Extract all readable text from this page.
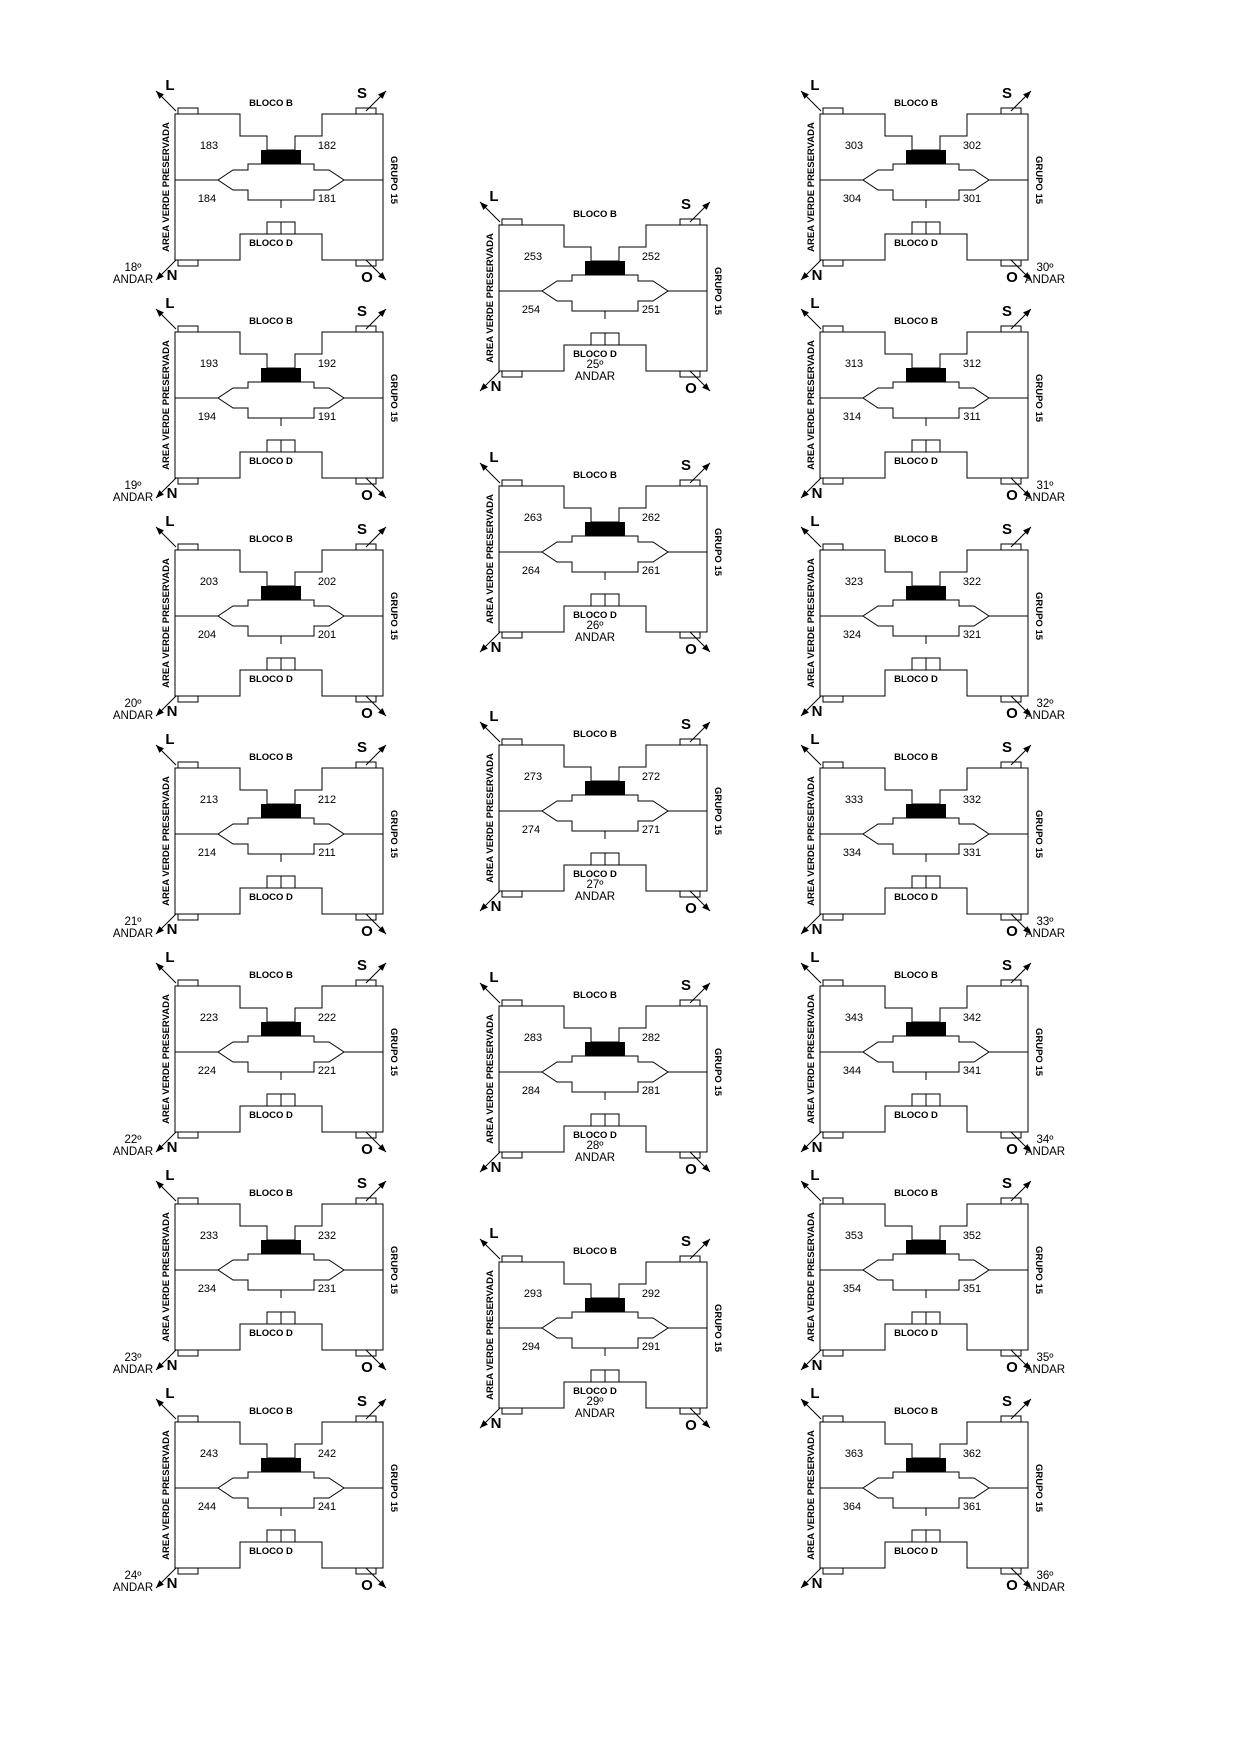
183	182
184	181
BLOCO B
BLOCO D
AREA VERDE PRESERVADA	GRUPO 15
L	S
N	O
18º
ANDAR
193	192
194	191
BLOCO B
BLOCO D
AREA VERDE PRESERVADA	GRUPO 15
L	S
N	O
19º
ANDAR
203	202
204	201
BLOCO B
BLOCO D
AREA VERDE PRESERVADA	GRUPO 15
L	S
N	O
20º
ANDAR
213	212
214	211
BLOCO B
BLOCO D
AREA VERDE PRESERVADA	GRUPO 15
L	S
N	O
21º
ANDAR
223	222
224	221
BLOCO B
BLOCO D
AREA VERDE PRESERVADA	GRUPO 15
L	S
N	O
22º
ANDAR
233	232
234	231
BLOCO B
BLOCO D
AREA VERDE PRESERVADA	GRUPO 15
L	S
N	O
23º
ANDAR
243	242
244	241
BLOCO B
BLOCO D
AREA VERDE PRESERVADA	GRUPO 15
L	S
N	O
24º
ANDAR
253	252
254	251
BLOCO B
BLOCO D
AREA VERDE PRESERVADA	GRUPO 15
L	S
N	O
25º
ANDAR
263	262
264	261
BLOCO B
BLOCO D
AREA VERDE PRESERVADA	GRUPO 15
L	S
N	O
26º
ANDAR
273	272
274	271
BLOCO B
BLOCO D
AREA VERDE PRESERVADA	GRUPO 15
L	S
N	O
27º
ANDAR
283	282
284	281
BLOCO B
BLOCO D
AREA VERDE PRESERVADA	GRUPO 15
L	S
N	O
28º
ANDAR
293	292
294	291
BLOCO B
BLOCO D
AREA VERDE PRESERVADA	GRUPO 15
L	S
N	O
29º
ANDAR
303	302
304	301
BLOCO B
BLOCO D
AREA VERDE PRESERVADA	GRUPO 15
L	S
N	O
30º
ANDAR
313	312
314	311
BLOCO B
BLOCO D
AREA VERDE PRESERVADA	GRUPO 15
L	S
N	O
31º
ANDAR
323	322
324	321
BLOCO B
BLOCO D
AREA VERDE PRESERVADA	GRUPO 15
L	S
N	O
32º
ANDAR
333	332
334	331
BLOCO B
BLOCO D
AREA VERDE PRESERVADA	GRUPO 15
L	S
N	O
33º
ANDAR
343	342
344	341
BLOCO B
BLOCO D
AREA VERDE PRESERVADA	GRUPO 15
L	S
N	O
34º
ANDAR
353	352
354	351
BLOCO B
BLOCO D
AREA VERDE PRESERVADA	GRUPO 15
L	S
N	O
35º
ANDAR
363	362
364	361
BLOCO B
BLOCO D
AREA VERDE PRESERVADA	GRUPO 15
L	S
N	O
36º
ANDAR
